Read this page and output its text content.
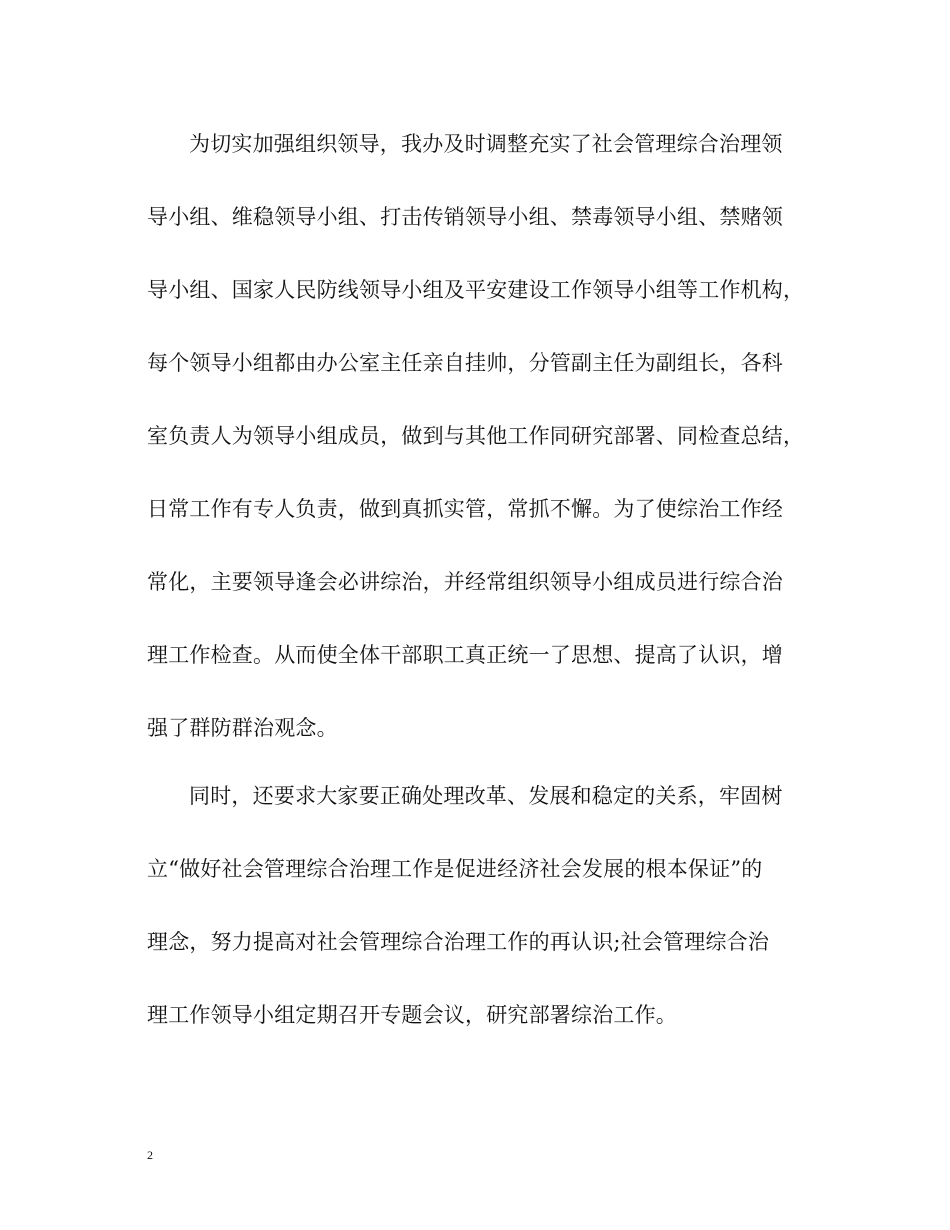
为切实加强组织领导，我办及时调整充实了社会管理综合治理领
导小组、维稳领导小组、打击传销领导小组、禁毒领导小组、禁赌领
导小组、国家人民防线领导小组及平安建设工作领导小组等工作机构，
每个领导小组都由办公室主任亲自挂帅，分管副主任为副组长，各科
室负责人为领导小组成员，做到与其他工作同研究部署、同检查总结，
日常工作有专人负责，做到真抓实管，常抓不懈。为了使综治工作经
常化，主要领导逢会必讲综治，并经常组织领导小组成员进行综合治
理工作检查。从而使全体干部职工真正统一了思想、提高了认识，增
强了群防群治观念。
同时，还要求大家要正确处理改革、发展和稳定的关系，牢固树
立“做好社会管理综合治理工作是促进经济社会发展的根本保证”的
理念，努力提高对社会管理综合治理工作的再认识;社会管理综合治
理工作领导小组定期召开专题会议，研究部署综治工作。
2
